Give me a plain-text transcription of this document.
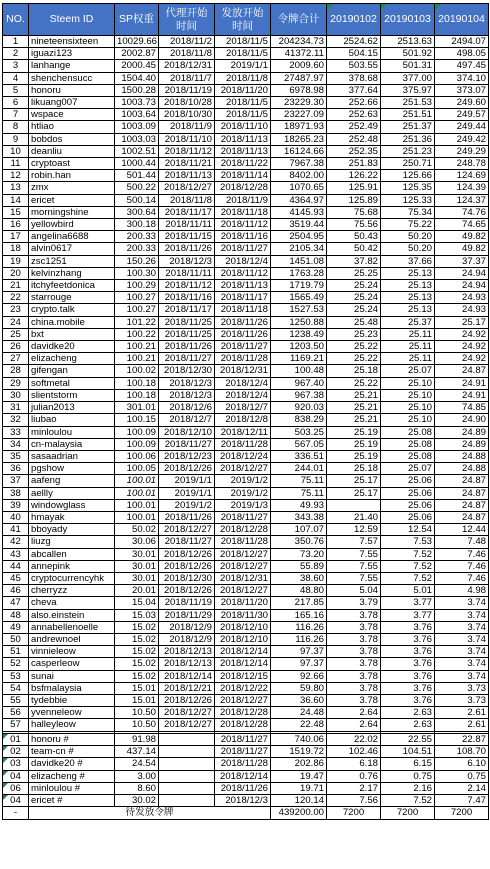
NO.	Steem ID	SP权重	代理开始时间	发放开始时间	令牌合计	20190102	20190103	20190104
1	nineteensixteen	10029.66	2018/11/2	2018/11/5	204234.73	2524.62	2513.63	2494.07
2	iguazi123	2002.87	2018/11/8	2018/11/5	41372.11	504.15	501.92	498.05
3	lanhange	2000.45	2018/12/31	2019/1/1	2009.60	503.55	501.31	497.45
4	shenchensucc	1504.40	2018/11/7	2018/11/8	27487.97	378.68	377.00	374.10
5	honoru	1500.28	2018/11/19	2018/11/20	6978.98	377.64	375.97	373.07
6	likuang007	1003.73	2018/10/28	2018/11/5	23229.30	252.66	251.53	249.60
7	wspace	1003.64	2018/10/30	2018/11/5	23227.09	252.63	251.51	249.57
8	htliao	1003.09	2018/11/9	2018/11/10	18971.93	252.49	251.37	249.44
9	bobdos	1003.03	2018/11/10	2018/11/13	18265.23	252.48	251.36	249.42
10	deanliu	1002.51	2018/11/12	2018/11/13	16124.66	252.35	251.23	249.29
11	cryptoast	1000.44	2018/11/21	2018/11/22	7967.38	251.83	250.71	248.78
12	robin.han	501.44	2018/11/13	2018/11/14	8402.00	126.22	125.66	124.69
13	zmx	500.22	2018/12/27	2018/12/28	1070.65	125.91	125.35	124.39
14	ericet	500.14	2018/11/8	2018/11/9	4364.97	125.89	125.33	124.37
15	morningshine	300.64	2018/11/17	2018/11/18	4145.93	75.68	75.34	74.76
16	yellowbird	300.18	2018/11/11	2018/11/12	3519.44	75.56	75.22	74.65
17	angelina6688	200.33	2018/11/15	2018/11/16	2504.95	50.43	50.20	49.82
18	alvin0617	200.33	2018/11/26	2018/11/27	2105.34	50.42	50.20	49.82
19	zsc1251	150.26	2018/12/3	2018/12/4	1451.08	37.82	37.66	37.37
20	kelvinzhang	100.30	2018/11/11	2018/11/12	1763.28	25.25	25.13	24.94
21	itchyfeetdonica	100.29	2018/11/12	2018/11/13	1719.79	25.24	25.13	24.94
22	starrouge	100.27	2018/11/16	2018/11/17	1565.49	25.24	25.13	24.93
23	crypto.talk	100.27	2018/11/17	2018/11/18	1527.53	25.24	25.13	24.93
24	china.mobile	101.22	2018/11/25	2018/11/26	1250.88	25.48	25.37	25.17
25	bxt	100.22	2018/11/25	2018/11/26	1238.49	25.23	25.11	24.92
26	davidke20	100.21	2018/11/26	2018/11/27	1203.50	25.22	25.11	24.92
27	elizacheng	100.21	2018/11/27	2018/11/28	1169.21	25.22	25.11	24.92
28	gifengan	100.02	2018/12/30	2018/12/31	100.48	25.18	25.07	24.87
29	softmetal	100.18	2018/12/3	2018/12/4	967.40	25.22	25.10	24.91
30	slientstorm	100.18	2018/12/3	2018/12/4	967.38	25.21	25.10	24.91
31	julian2013	301.01	2018/12/6	2018/12/7	920.03	25.21	25.10	74.85
32	liubao	100.15	2018/12/7	2018/12/8	838.29	25.21	25.10	24.90
33	minloulou	100.09	2018/12/10	2018/12/11	503.25	25.19	25.08	24.89
34	cn-malaysia	100.09	2018/11/27	2018/11/28	567.05	25.19	25.08	24.89
35	sasaadrian	100.06	2018/12/23	2018/12/24	336.51	25.19	25.08	24.88
36	pgshow	100.05	2018/12/26	2018/12/27	244.01	25.18	25.07	24.88
37	aafeng	100.01	2019/1/1	2019/1/2	75.11	25.17	25.06	24.87
38	aellly	100.01	2019/1/1	2019/1/2	75.11	25.17	25.06	24.87
39	windowglass	100.01	2019/1/2	2019/1/3	49.93		25.06	24.87
40	hmayak	100.01	2018/11/26	2018/11/27	343.38	21.40	25.06	24.87
41	bboyady	50.02	2018/12/27	2018/12/28	107.07	12.59	12.54	12.44
42	liuzg	30.06	2018/11/27	2018/11/28	350.76	7.57	7.53	7.48
43	abcallen	30.01	2018/12/26	2018/12/27	73.20	7.55	7.52	7.46
44	annepink	30.01	2018/12/26	2018/12/27	55.89	7.55	7.52	7.46
45	cryptocurrencyhk	30.01	2018/12/30	2018/12/31	38.60	7.55	7.52	7.46
46	cherryzz	20.01	2018/12/26	2018/12/27	48.80	5.04	5.01	4.98
47	cheva	15.04	2018/11/19	2018/11/20	217.85	3.79	3.77	3.74
48	also.einstein	15.03	2018/11/29	2018/11/30	165.16	3.78	3.77	3.74
49	annabellenoelle	15.02	2018/12/9	2018/12/10	116.26	3.78	3.76	3.74
50	andrewnoel	15.02	2018/12/9	2018/12/10	116.26	3.78	3.76	3.74
51	vinnieleow	15.02	2018/12/13	2018/12/14	97.37	3.78	3.76	3.74
52	casperleow	15.02	2018/12/13	2018/12/14	97.37	3.78	3.76	3.74
53	sunai	15.02	2018/12/14	2018/12/15	92.66	3.78	3.76	3.74
54	bsfmalaysia	15.01	2018/12/21	2018/12/22	59.80	3.78	3.76	3.73
55	tydebbie	15.01	2018/12/26	2018/12/27	36.60	3.78	3.76	3.73
56	yvenneleow	10.50	2018/12/27	2018/12/28	24.48	2.64	2.63	2.61
57	halleyleow	10.50	2018/12/27	2018/12/28	22.48	2.64	2.63	2.61

01	honoru #	91.98		2018/11/27	740.06	22.02	22.55	22.87
02	team-cn #	437.14		2018/11/27	1519.72	102.46	104.51	108.70
03	davidke20 #	24.54		2018/11/28	202.86	6.18	6.15	6.10
04	elizacheng #	3.00		2018/12/14	19.47	0.76	0.75	0.75
06	minloulou #	8.60		2018/11/26	19.71	2.17	2.16	2.14
04	ericet #	30.02		2018/12/3	120.14	7.56	7.52	7.47
-	待发放令牌				439200.00	7200	7200	7200
